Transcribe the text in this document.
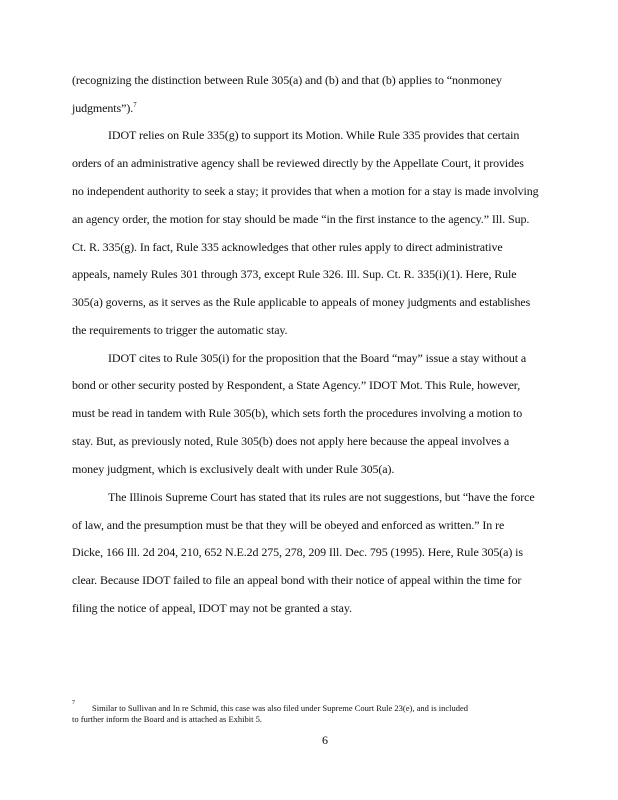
(recognizing the distinction between Rule 305(a) and (b) and that (b) applies to “nonmoney
judgments”).$^7$
IDOT relies on Rule 335(g) to support its Motion. While Rule 335 provides that certain
orders of an administrative agency shall be reviewed directly by the Appellate Court, it provides
no independent authority to seek a stay; it provides that when a motion for a stay is made involving
an agency order, the motion for stay should be made “in the first instance to the agency.” Ill. Sup.
Ct. R. 335(g). In fact, Rule 335 acknowledges that other rules apply to direct administrative
appeals, namely Rules 301 through 373, except Rule 326. Ill. Sup. Ct. R. 335(i)(1). Here, Rule
305(a) governs, as it serves as the Rule applicable to appeals of money judgments and establishes
the requirements to trigger the automatic stay.
IDOT cites to Rule 305(i) for the proposition that the Board “may” issue a stay without a
bond or other security posted by Respondent, a State Agency.” IDOT Mot. This Rule, however,
must be read in tandem with Rule 305(b), which sets forth the procedures involving a motion to
stay. But, as previously noted, Rule 305(b) does not apply here because the appeal involves a
money judgment, which is exclusively dealt with under Rule 305(a).
The Illinois Supreme Court has stated that its rules are not suggestions, but “have the force
of law, and the presumption must be that they will be obeyed and enforced as written.” In re
Dicke, 166 Ill. 2d 204, 210, 652 N.E.2d 275, 278, 209 Ill. Dec. 795 (1995). Here, Rule 305(a) is
clear. Because IDOT failed to file an appeal bond with their notice of appeal within the time for
filing the notice of appeal, IDOT may not be granted a stay.
7 Similar to Sullivan and In re Schmid, this case was also filed under Supreme Court Rule 23(e), and is included
to further inform the Board and is attached as Exhibit 5.
6
